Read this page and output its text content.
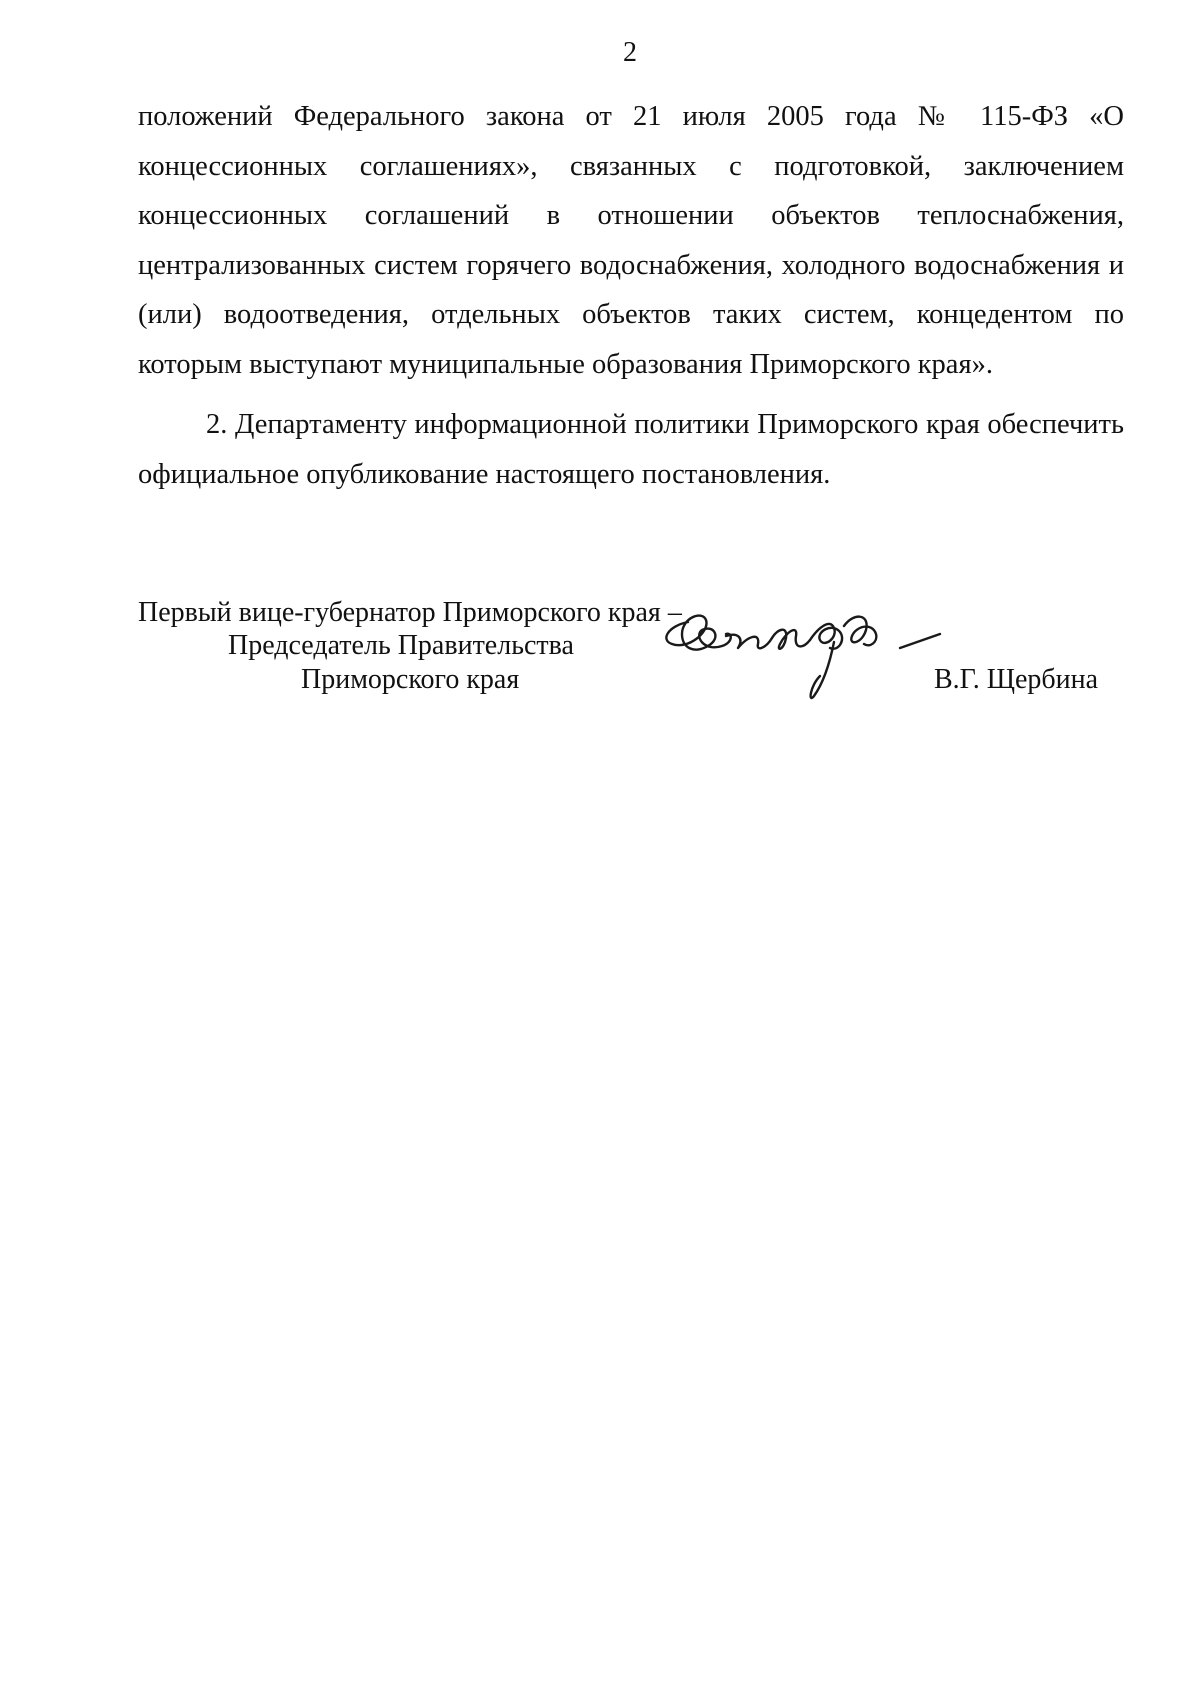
2

положений Федерального закона от 21 июля 2005 года № 115-ФЗ «О концессионных соглашениях», связанных с подготовкой, заключением концессионных соглашений в отношении объектов теплоснабжения, централизованных систем горячего водоснабжения, холодного водоснабжения и (или) водоотведения, отдельных объектов таких систем, концедентом по которым выступают муниципальные образования Приморского края».

2. Департаменту информационной политики Приморского края обеспечить официальное опубликование настоящего постановления.

Первый вице-губернатор Приморского края –
Председатель Правительства
Приморского края	В.Г. Щербина
